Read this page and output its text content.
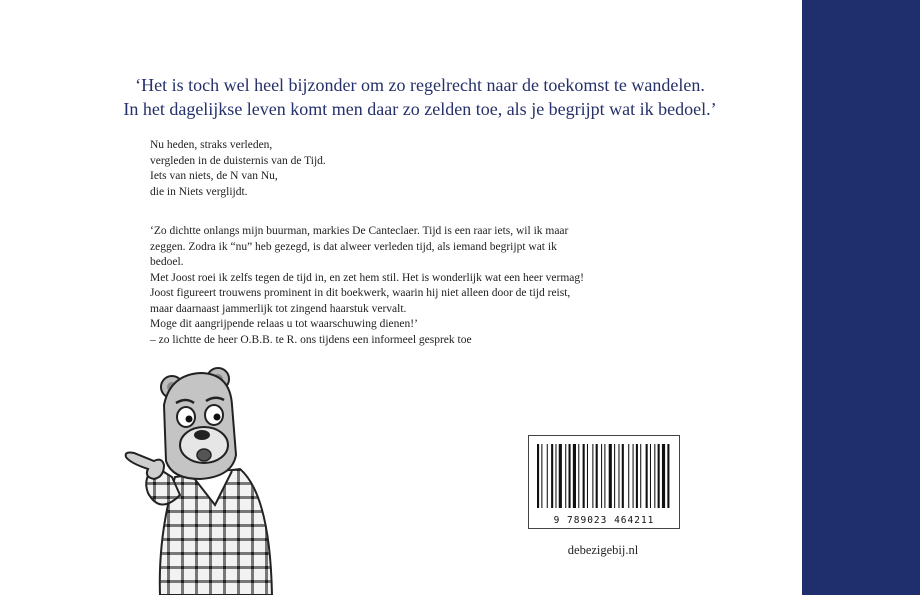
‘Het is toch wel heel bijzonder om zo regelrecht naar de toekomst te wandelen.
In het dagelijkse leven komt men daar zo zelden toe, als je begrijpt wat ik bedoel.’
Nu heden, straks verleden,
vergleden in de duisternis van de Tijd.
Iets van niets, de N van Nu,
die in Niets verglijdt.
‘Zo dichtte onlangs mijn buurman, markies De Canteclaer. Tijd is een raar iets, wil ik maar
zeggen. Zodra ik “nu” heb gezegd, is dat alweer verleden tijd, als iemand begrijpt wat ik
bedoel.
Met Joost roei ik zelfs tegen de tijd in, en zet hem stil. Het is wonderlijk wat een heer vermag!
Joost figureert trouwens prominent in dit boekwerk, waarin hij niet alleen door de tijd reist,
maar daarnaast jammerlijk tot zingend haarstuk vervalt.
Moge dit aangrijpende relaas u tot waarschuwing dienen!’
– zo lichtte de heer O.B.B. te R. ons tijdens een informeel gesprek toe
9 789023 464211
debezigebij.nl
